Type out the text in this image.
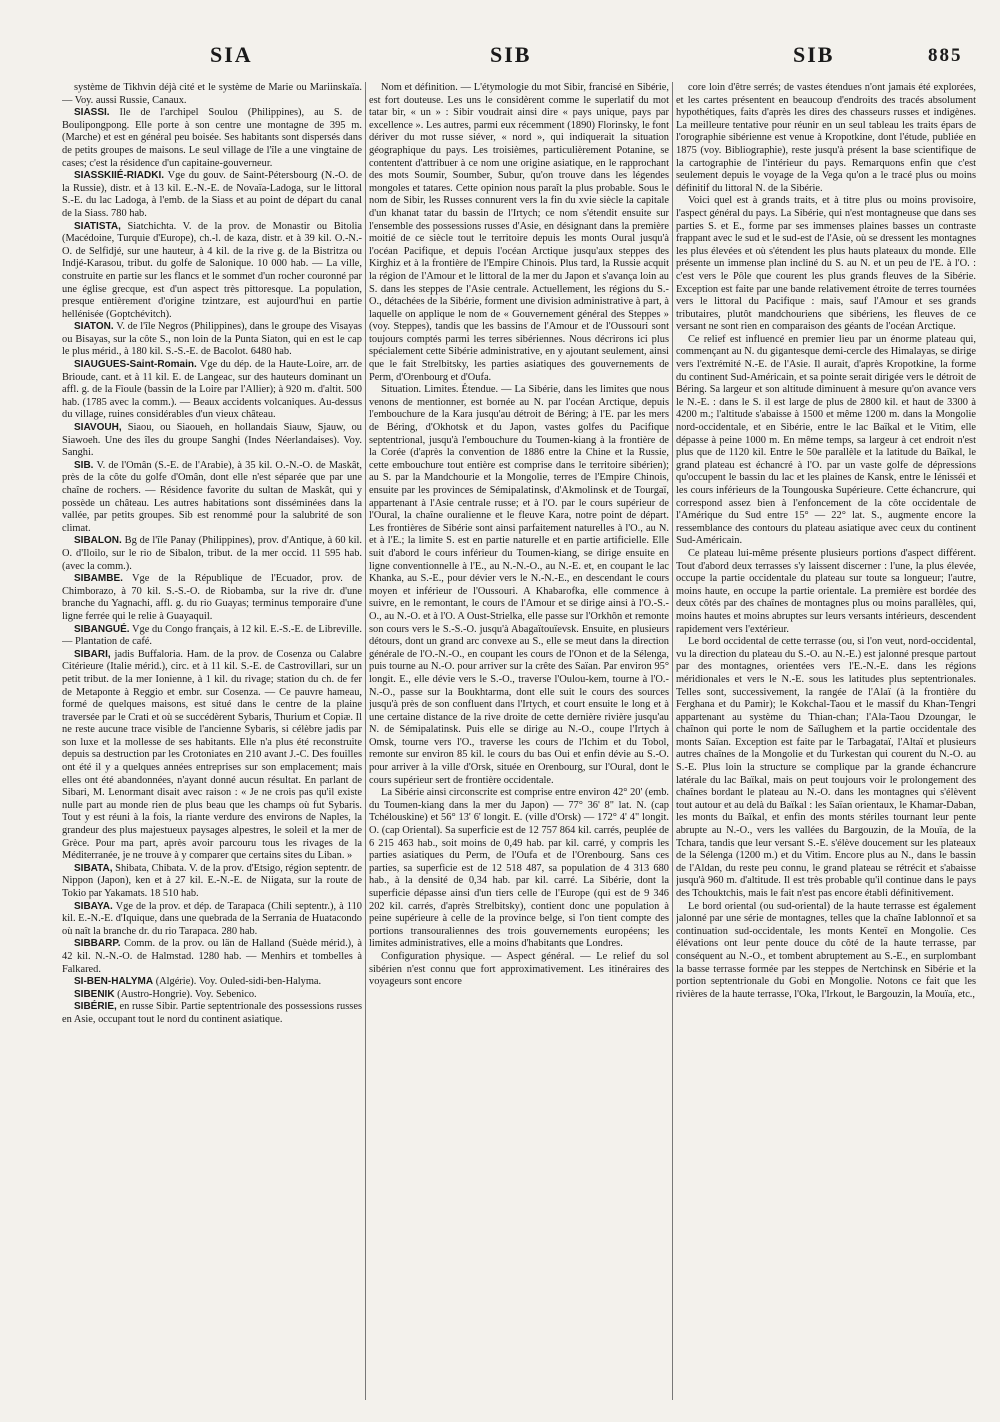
SIA	SIB	SIB	885

système de Tikhvin déjà cité et le système de Marie ou Mariinskaïa. — Voy. aussi Russie, Canaux.

SIASSI. Ile de l'archipel Soulou (Philippines), au S. de Boulipongpong. Elle porte à son centre une montagne de 395 m. (Marche) et est en général peu boisée. Ses habitants sont dispersés dans de petits groupes de maisons. Le seul village de l'île a une vingtaine de cases; c'est la résidence d'un capitaine-gouverneur.

SIASSKIIÉ-RIADKI. Vge du gouv. de Saint-Pétersbourg (N.-O. de la Russie), distr. et à 13 kil. E.-N.-E. de Novaïa-Ladoga, sur le littoral S.-E. du lac Ladoga, à l'emb. de la Siass et au point de départ du canal de la Siass. 780 hab.

SIATISTA, Siatchichta. V. de la prov. de Monastir ou Bitolia (Macédoine, Turquie d'Europe), ch.-l. de kaza, distr. et à 39 kil. O.-N.-O. de Selfidjé, sur une hauteur, à 4 kil. de la rive g. de la Bistritza ou Indjé-Karasou, tribut. du golfe de Salonique. 10 000 hab. — La ville, construite en partie sur les flancs et le sommet d'un rocher couronné par une église grecque, est d'un aspect très pittoresque. La population, presque entièrement d'origine tzintzare, est aujourd'hui en partie hellénisée (Goptchévitch).

SIATON. V. de l'île Negros (Philippines), dans le groupe des Visayas ou Bisayas, sur la côte S., non loin de la Punta Siaton, qui en est le cap le plus mérid., à 180 kil. S.-S.-E. de Bacolot. 6480 hab.

SIAUGUES-Saint-Romain. Vge du dép. de la Haute-Loire, arr. de Brioude, cant. et à 11 kil. E. de Langeac, sur des hauteurs dominant un affl. g. de la Fioule (bassin de la Loire par l'Allier); à 920 m. d'altit. 500 hab. (1785 avec la comm.). — Beaux accidents volcaniques. Au-dessus du village, ruines considérables d'un vieux château.

SIAVOUH, Siaou, ou Siaoueh, en hollandais Siauw, Sjauw, ou Siawoeh. Une des îles du groupe Sanghi (Indes Néerlandaises). Voy. Sanghi.

SIB. V. de l'Omân (S.-E. de l'Arabie), à 35 kil. O.-N.-O. de Maskât, près de la côte du golfe d'Omân, dont elle n'est séparée que par une chaîne de rochers. — Résidence favorite du sultan de Maskât, qui y possède un château. Les autres habitations sont disséminées dans la vallée, par petits groupes. Sib est renommé pour la salubrité de son climat.

SIBALON. Bg de l'île Panay (Philippines), prov. d'Antique, à 60 kil. O. d'Iloilo, sur le rio de Sibalon, tribut. de la mer occid. 11 595 hab. (avec la comm.).

SIBAMBE. Vge de la République de l'Ecuador, prov. de Chimborazo, à 70 kil. S.-S.-O. de Riobamba, sur la rive dr. d'une branche du Yagnachi, affl. g. du rio Guayas; terminus temporaire d'une ligne ferrée qui le relie à Guayaquil.

SIBANGUÉ. Vge du Congo français, à 12 kil. E.-S.-E. de Libreville. — Plantation de café.

SIBARI, jadis Buffaloria. Ham. de la prov. de Cosenza ou Calabre Citérieure (Italie mérid.), circ. et à 11 kil. S.-E. de Castrovillari, sur un petit tribut. de la mer Ionienne, à 1 kil. du rivage; station du ch. de fer de Metaponte à Reggio et embr. sur Cosenza. — Ce pauvre hameau, formé de quelques maisons, est situé dans le centre de la plaine traversée par le Crati et où se succédèrent Sybaris, Thurium et Copiæ. Il ne reste aucune trace visible de l'ancienne Sybaris, si célèbre jadis par son luxe et la mollesse de ses habitants. Elle n'a plus été reconstruite depuis sa destruction par les Crotoniates en 210 avant J.-C. Des fouilles ont été il y a quelques années entreprises sur son emplacement; mais elles ont été abandonnées, n'ayant donné aucun résultat. En parlant de Sibari, M. Lenormant disait avec raison : « Je ne crois pas qu'il existe nulle part au monde rien de plus beau que les champs où fut Sybaris. Tout y est réuni à la fois, la riante verdure des environs de Naples, la grandeur des plus majestueux paysages alpestres, le soleil et la mer de Grèce. Pour ma part, après avoir parcouru tous les rivages de la Méditerranée, je ne trouve à y comparer que certains sites du Liban. »

SIBATA, Shibata, Chibata. V. de la prov. d'Etsigo, région septentr. de Nippon (Japon), ken et à 27 kil. E.-N.-E. de Niigata, sur la route de Tokio par Yakamats. 18 510 hab.

SIBAYA. Vge de la prov. et dép. de Tarapaca (Chili septentr.), à 110 kil. E.-N.-E. d'Iquique, dans une quebrada de la Serrania de Huatacondo où naît la branche dr. du rio Tarapaca. 280 hab.

SIBBARP. Comm. de la prov. ou län de Halland (Suède mérid.), à 42 kil. N.-N.-O. de Halmstad. 1280 hab. — Menhirs et tombelles à Falkared.

SI-BEN-HALYMA (Algérie). Voy. Ouled-sidi-ben-Halyma.

SIBENIK (Austro-Hongrie). Voy. Sebenico.

SIBÉRIE, en russe Sibir. Partie septentrionale des possessions russes en Asie, occupant tout le nord du continent asiatique.

Nom et définition. — L'étymologie du mot Sibir, francisé en Sibérie, est fort douteuse. Les uns le considèrent comme le superlatif du mot tatar bir, « un » : Sibir voudrait ainsi dire « pays unique, pays par excellence ». Les autres, parmi eux récemment (1890) Florinsky, le font dériver du mot russe siéver, « nord », qui indiquerait la situation géographique du pays. Les troisièmes, particulièrement Potanine, se contentent d'attribuer à ce nom une origine asiatique, en le rapprochant des mots Soumir, Soumber, Subur, qu'on trouve dans les légendes mongoles et tatares. Cette opinion nous paraît la plus probable. Sous le nom de Sibir, les Russes connurent vers la fin du xvie siècle la capitale d'un khanat tatar du bassin de l'Irtych; ce nom s'étendit ensuite sur l'ensemble des possessions russes d'Asie, en désignant dans la première moitié de ce siècle tout le territoire depuis les monts Oural jusqu'à l'océan Pacifique, et depuis l'océan Arctique jusqu'aux steppes des Kirghiz et à la frontière de l'Empire Chinois. Plus tard, la Russie acquit la région de l'Amour et le littoral de la mer du Japon et s'avança loin au S. dans les steppes de l'Asie centrale. Actuellement, les régions du S.-O., détachées de la Sibérie, forment une division administrative à part, à laquelle on applique le nom de « Gouvernement général des Steppes » (voy. Steppes), tandis que les bassins de l'Amour et de l'Oussouri sont toujours comptés parmi les terres sibériennes. Nous décrirons ici plus spécialement cette Sibérie administrative, en y ajoutant seulement, ainsi que le fait Strelbitsky, les parties asiatiques des gouvernements de Perm, d'Orenbourg et d'Oufa.

Situation. Limites. Étendue. — La Sibérie, dans les limites que nous venons de mentionner, est bornée au N. par l'océan Arctique, depuis l'embouchure de la Kara jusqu'au détroit de Béring; à l'E. par les mers de Béring, d'Okhotsk et du Japon, vastes golfes du Pacifique septentrional, jusqu'à l'embouchure du Toumen-kiang à la frontière de la Corée (d'après la convention de 1886 entre la Chine et la Russie, cette embouchure tout entière est comprise dans le territoire sibérien); au S. par la Mandchourie et la Mongolie, terres de l'Empire Chinois, ensuite par les provinces de Sémipalatinsk, d'Akmolinsk et de Tourgaï, appartenant à l'Asie centrale russe; et à l'O. par le cours supérieur de l'Oural, la chaîne ouralienne et le fleuve Kara, notre point de départ. Les frontières de Sibérie sont ainsi parfaitement naturelles à l'O., au N. et à l'E.; la limite S. est en partie naturelle et en partie artificielle. Elle suit d'abord le cours inférieur du Toumen-kiang, se dirige ensuite en ligne conventionnelle à l'E., au N.-N.-O., au N.-E. et, en coupant le lac Khanka, au S.-E., pour dévier vers le N.-N.-E., en descendant le cours moyen et inférieur de l'Oussouri. A Khabarofka, elle commence à suivre, en le remontant, le cours de l'Amour et se dirige ainsi à l'O.-S.-O., au N.-O. et à l'O. A Oust-Strielka, elle passe sur l'Orkhôn et remonte son cours vers le S.-S.-O. jusqu'à Abagaïtouïevsk. Ensuite, en plusieurs détours, dont un grand arc convexe au S., elle se meut dans la direction générale de l'O.-N.-O., en coupant les cours de l'Onon et de la Sélenga, puis tourne au N.-O. pour arriver sur la crête des Saïan. Par environ 95° longit. E., elle dévie vers le S.-O., traverse l'Oulou-kem, tourne à l'O.-N.-O., passe sur la Boukhtarma, dont elle suit le cours des sources jusqu'à près de son confluent dans l'Irtych, et court ensuite le long et à une certaine distance de la rive droite de cette dernière rivière jusqu'au N. de Sémipalatinsk. Puis elle se dirige au N.-O., coupe l'Irtych à Omsk, tourne vers l'O., traverse les cours de l'Ichim et du Tobol, remonte sur environ 85 kil. le cours du bas Oui et enfin dévie au S.-O. pour arriver à la ville d'Orsk, située en Orenbourg, sur l'Oural, dont le cours supérieur sert de frontière occidentale.

La Sibérie ainsi circonscrite est comprise entre environ 42° 20' (emb. du Toumen-kiang dans la mer du Japon) — 77° 36' 8" lat. N. (cap Tchélouskine) et 56° 13' 6' longit. E. (ville d'Orsk) — 172° 4' 4" longit. O. (cap Oriental). Sa superficie est de 12 757 864 kil. carrés, peuplée de 6 215 463 hab., soit moins de 0,49 hab. par kil. carré, y compris les parties asiatiques du Perm, de l'Oufa et de l'Orenbourg. Sans ces parties, sa superficie est de 12 518 487, sa population de 4 313 680 hab., à la densité de 0,34 hab. par kil. carré. La Sibérie, dont la superficie dépasse ainsi d'un tiers celle de l'Europe (qui est de 9 346 202 kil. carrés, d'après Strelbitsky), contient donc une population à peine supérieure à celle de la province belge, si l'on tient compte des portions transouraliennes des trois gouvernements européens; les limites administratives, elle a moins d'habitants que Londres.

Configuration physique. — Aspect général. — Le relief du sol sibérien n'est connu que fort approximativement. Les itinéraires des voyageurs sont encore

core loin d'être serrés; de vastes étendues n'ont jamais été explorées, et les cartes présentent en beaucoup d'endroits des tracés absolument hypothétiques, faits d'après les dires des chasseurs russes et indigènes. La meilleure tentative pour réunir en un seul tableau les traits épars de l'orographie sibérienne est venue à Kropotkine, dont l'étude, publiée en 1875 (voy. Bibliographie), reste jusqu'à présent la base scientifique de la cartographie de l'intérieur du pays. Remarquons enfin que c'est seulement depuis le voyage de la Vega qu'on a le tracé plus ou moins définitif du littoral N. de la Sibérie.

Voici quel est à grands traits, et à titre plus ou moins provisoire, l'aspect général du pays. La Sibérie, qui n'est montagneuse que dans ses parties S. et E., forme par ses immenses plaines basses un contraste frappant avec le sud et le sud-est de l'Asie, où se dressent les montagnes les plus élevées et où s'étendent les plus hauts plateaux du monde. Elle présente un immense plan incliné du S. au N. et un peu de l'E. à l'O. : c'est vers le Pôle que courent les plus grands fleuves de la Sibérie. Exception est faite par une bande relativement étroite de terres tournées vers le littoral du Pacifique : mais, sauf l'Amour et ses grands tributaires, plutôt mandchouriens que sibériens, les fleuves de ce versant ne sont rien en comparaison des géants de l'océan Arctique.

Ce relief est influencé en premier lieu par un énorme plateau qui, commençant au N. du gigantesque demi-cercle des Himalayas, se dirige vers l'extrémité N.-E. de l'Asie. Il aurait, d'après Kropotkine, la forme du continent Sud-Américain, et sa pointe serait dirigée vers le détroit de Béring. Sa largeur et son altitude diminuent à mesure qu'on avance vers le N.-E. : dans le S. il est large de plus de 2800 kil. et haut de 3300 à 4200 m.; l'altitude s'abaisse à 1500 et même 1200 m. dans la Mongolie nord-occidentale, et en Sibérie, entre le lac Baïkal et le Vitim, elle dépasse à peine 1000 m. En même temps, sa largeur à cet endroit n'est plus que de 1120 kil. Entre le 50e parallèle et la latitude du Baïkal, le grand plateau est échancré à l'O. par un vaste golfe de dépressions qu'occupent le bassin du lac et les plaines de Kansk, entre le Iénisséi et les cours inférieurs de la Toungouska Supérieure. Cette échancrure, qui correspond assez bien à l'enfoncement de la côte occidentale de l'Amérique du Sud entre 15° — 22° lat. S., augmente encore la ressemblance des contours du plateau asiatique avec ceux du continent Sud-Américain.

Ce plateau lui-même présente plusieurs portions d'aspect différent. Tout d'abord deux terrasses s'y laissent discerner : l'une, la plus élevée, occupe la partie occidentale du plateau sur toute sa longueur; l'autre, moins haute, en occupe la partie orientale. La première est bordée des deux côtés par des chaînes de montagnes plus ou moins parallèles, qui, moins hautes et moins abruptes sur leurs versants intérieurs, descendent rapidement vers l'extérieur.

Le bord occidental de cette terrasse (ou, si l'on veut, nord-occidental, vu la direction du plateau du S.-O. au N.-E.) est jalonné presque partout par des montagnes, orientées vers l'E.-N.-E. dans les régions méridionales et vers le N.-E. sous les latitudes plus septentrionales. Telles sont, successivement, la rangée de l'Alaï (à la frontière du Ferghana et du Pamir); le Kokchal-Taou et le massif du Khan-Tengri appartenant au système du Thian-chan; l'Ala-Taou Dzoungar, le chaînon qui porte le nom de Saïlughem et la partie occidentale des monts Saïan. Exception est faite par le Tarbagataï, l'Altaï et plusieurs autres chaînes de la Mongolie et du Turkestan qui courent du N.-O. au S.-E. Plus loin la structure se complique par la grande échancrure latérale du lac Baïkal, mais on peut toujours voir le prolongement des chaînes bordant le plateau au N.-O. dans les montagnes qui s'élèvent tout autour et au delà du Baïkal : les Saïan orientaux, le Khamar-Daban, les monts du Baïkal, et enfin des monts stériles tournant leur pente abrupte au N.-O., vers les vallées du Bargouzin, de la Mouïa, de la Tchara, tandis que leur versant S.-E. s'élève doucement sur les plateaux de la Sélenga (1200 m.) et du Vitim. Encore plus au N., dans le bassin de l'Aldan, du reste peu connu, le grand plateau se rétrécit et s'abaisse jusqu'à 960 m. d'altitude. Il est très probable qu'il continue dans le pays des Tchouktchis, mais le fait n'est pas encore établi définitivement.

Le bord oriental (ou sud-oriental) de la haute terrasse est également jalonné par une série de montagnes, telles que la chaîne Iablonnoï et sa continuation sud-occidentale, les monts Kenteï en Mongolie. Ces élévations ont leur pente douce du côté de la haute terrasse, par conséquent au N.-O., et tombent abruptement au S.-E., en surplombant la basse terrasse formée par les steppes de Nertchinsk en Sibérie et la portion septentrionale du Gobi en Mongolie. Notons ce fait que les rivières de la haute terrasse, l'Oka, l'Irkout, le Bargouzin, la Mouïa, etc.,
